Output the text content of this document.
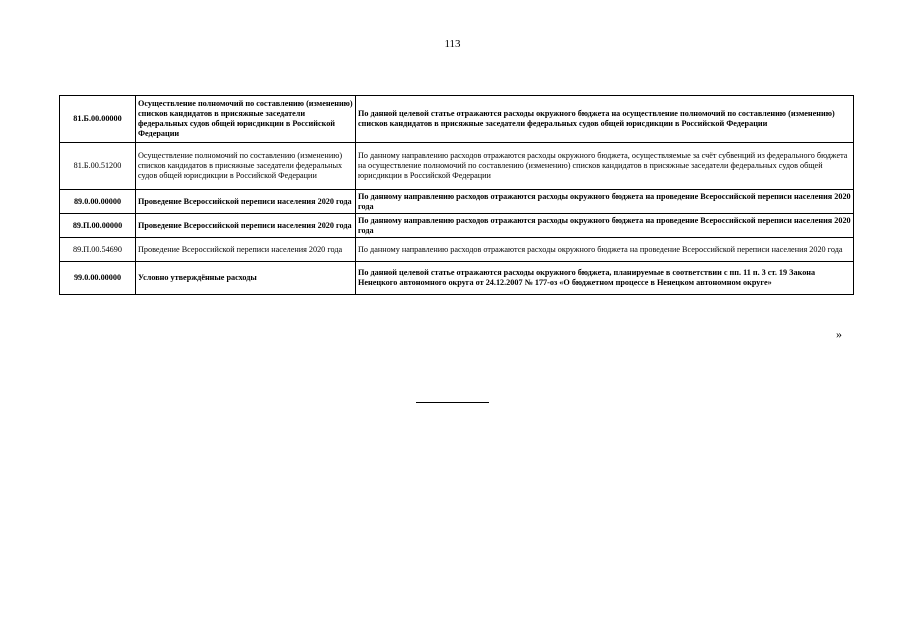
113
81.Б.00.00000	Осуществление полномочий по составлению (изменению) списков кандидатов в присяжные заседатели федеральных судов общей юрисдикции в Российской Федерации	По данной целевой статье отражаются расходы окружного бюджета на осуществление полномочий по составлению (изменению) списков кандидатов в присяжные заседатели федеральных судов общей юрисдикции в Российской Федерации
81.Б.00.51200	Осуществление полномочий по составлению (изменению) списков кандидатов в присяжные заседатели федеральных судов общей юрисдикции в Российской Федерации	По данному направлению расходов отражаются расходы окружного бюджета, осуществляемые за счёт субвенций из федерального бюджета на осуществление полномочий по составлению (изменению) списков кандидатов в присяжные заседатели федеральных судов общей юрисдикции в Российской Федерации
89.0.00.00000	Проведение Всероссийской переписи населения 2020 года	По данному направлению расходов отражаются расходы окружного бюджета на проведение Всероссийской переписи населения 2020 года
89.П.00.00000	Проведение Всероссийской переписи населения 2020 года	По данному направлению расходов отражаются расходы окружного бюджета на проведение Всероссийской переписи населения 2020 года
89.П.00.54690	Проведение Всероссийской переписи населения 2020 года	По данному направлению расходов отражаются расходы окружного бюджета на проведение Всероссийской переписи населения 2020 года
99.0.00.00000	Условно утверждённые расходы	По данной целевой статье отражаются расходы окружного бюджета, планируемые в соответствии с пп. 11 п. 3 ст. 19 Закона Ненецкого автономного округа от 24.12.2007 № 177-оз «О бюджетном процессе в Ненецком автономном округе»
»
